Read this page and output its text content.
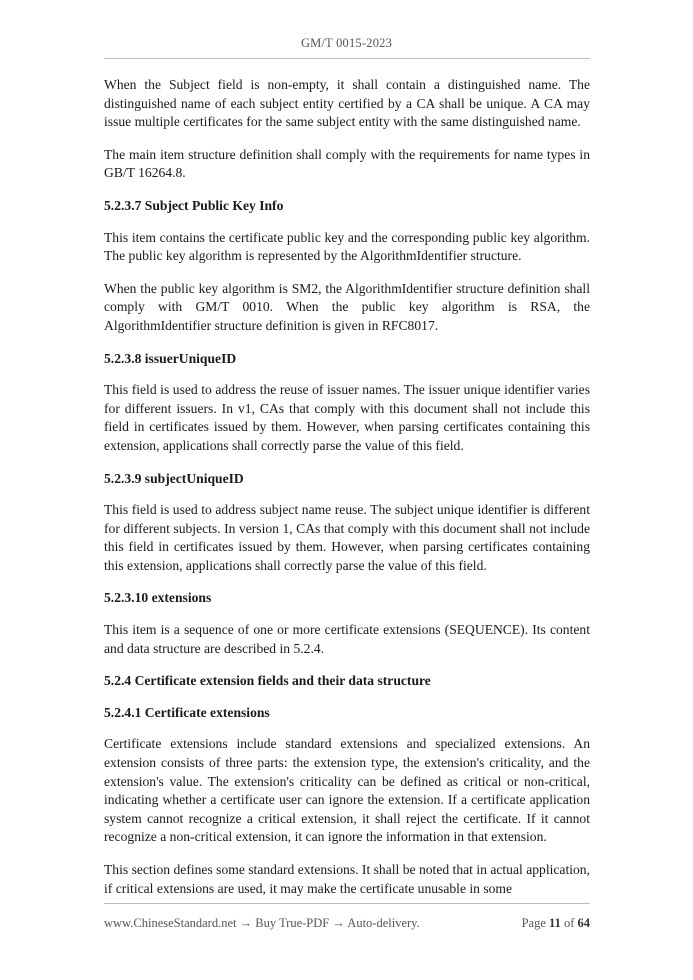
GM/T 0015-2023

When the Subject field is non-empty, it shall contain a distinguished name. The distinguished name of each subject entity certified by a CA shall be unique. A CA may issue multiple certificates for the same subject entity with the same distinguished name.

The main item structure definition shall comply with the requirements for name types in GB/T 16264.8.

5.2.3.7 Subject Public Key Info

This item contains the certificate public key and the corresponding public key algorithm. The public key algorithm is represented by the AlgorithmIdentifier structure.

When the public key algorithm is SM2, the AlgorithmIdentifier structure definition shall comply with GM/T 0010. When the public key algorithm is RSA, the AlgorithmIdentifier structure definition is given in RFC8017.

5.2.3.8 issuerUniqueID

This field is used to address the reuse of issuer names. The issuer unique identifier varies for different issuers. In v1, CAs that comply with this document shall not include this field in certificates issued by them. However, when parsing certificates containing this extension, applications shall correctly parse the value of this field.

5.2.3.9 subjectUniqueID

This field is used to address subject name reuse. The subject unique identifier is different for different subjects. In version 1, CAs that comply with this document shall not include this field in certificates issued by them. However, when parsing certificates containing this extension, applications shall correctly parse the value of this field.

5.2.3.10 extensions

This item is a sequence of one or more certificate extensions (SEQUENCE). Its content and data structure are described in 5.2.4.

5.2.4 Certificate extension fields and their data structure
5.2.4.1 Certificate extensions

Certificate extensions include standard extensions and specialized extensions. An extension consists of three parts: the extension type, the extension's criticality, and the extension's value. The extension's criticality can be defined as critical or non-critical, indicating whether a certificate user can ignore the extension. If a certificate application system cannot recognize a critical extension, it shall reject the certificate. If it cannot recognize a non-critical extension, it can ignore the information in that extension.

This section defines some standard extensions. It shall be noted that in actual application, if critical extensions are used, it may make the certificate unusable in some

www.ChineseStandard.net → Buy True-PDF → Auto-delivery.	Page 11 of 64
